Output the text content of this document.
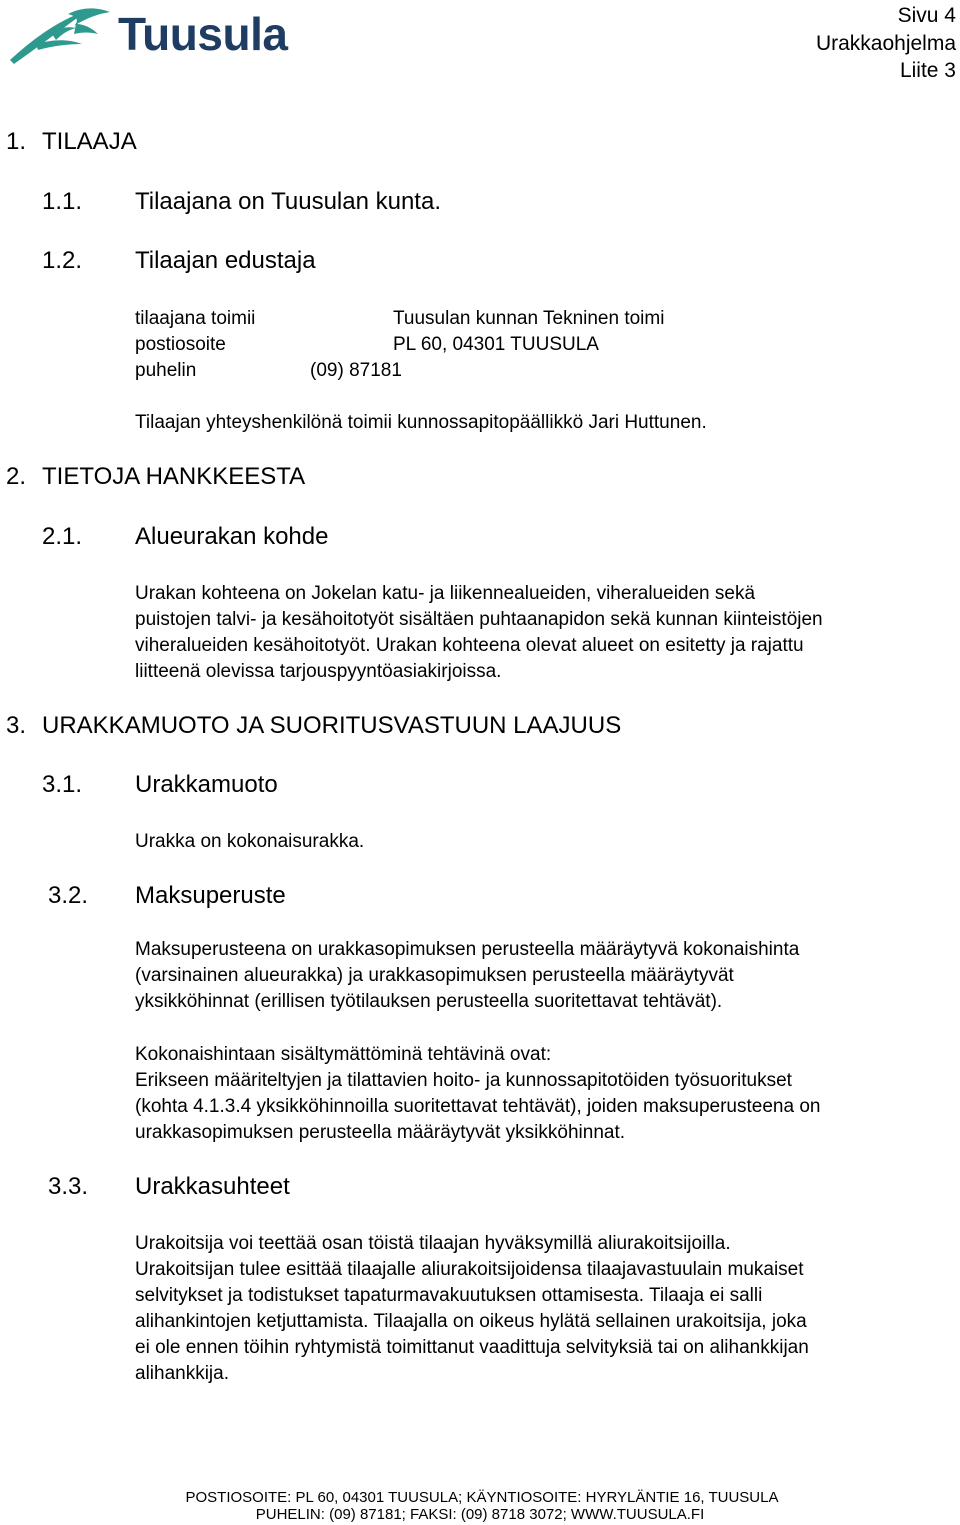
Tuusula	Sivu 4
Urakkaohjelma
Liite 3
1. TILAAJA
1.1. Tilaajana on Tuusulan kunta.
1.2. Tilaajan edustaja
tilaajana toimii	Tuusulan kunnan Tekninen toimi
postiosoite	PL 60, 04301 TUUSULA
puhelin	(09) 87181
Tilaajan yhteyshenkilönä toimii kunnossapitopäällikkö Jari Huttunen.
2. TIETOJA HANKKEESTA
2.1. Alueurakan kohde
Urakan kohteena on Jokelan katu- ja liikennealueiden, viheralueiden sekä
puistojen talvi- ja kesähoitotyöt sisältäen puhtaanapidon sekä kunnan kiinteistöjen
viheralueiden kesähoitotyöt. Urakan kohteena olevat alueet on esitetty ja rajattu
liitteenä olevissa tarjouspyyntöasiakirjoissa.
3. URAKKAMUOTO JA SUORITUSVASTUUN LAAJUUS
3.1. Urakkamuoto
Urakka on kokonaisurakka.
3.2. Maksuperuste
Maksuperusteena on urakkasopimuksen perusteella määräytyvä kokonaishinta
(varsinainen alueurakka) ja urakkasopimuksen perusteella määräytyvät
yksikköhinnat (erillisen työtilauksen perusteella suoritettavat tehtävät).
Kokonaishintaan sisältymättöminä tehtävinä ovat:
Erikseen määriteltyjen ja tilattavien hoito- ja kunnossapitotöiden työsuoritukset
(kohta 4.1.3.4 yksikköhinnoilla suoritettavat tehtävät), joiden maksuperusteena on
urakkasopimuksen perusteella määräytyvät yksikköhinnat.
3.3. Urakkasuhteet
Urakoitsija voi teettää osan töistä tilaajan hyväksymillä aliurakoitsijoilla.
Urakoitsijan tulee esittää tilaajalle aliurakoitsijoidensa tilaajavastuulain mukaiset
selvitykset ja todistukset tapaturmavakuutuksen ottamisesta. Tilaaja ei salli
alihankintojen ketjuttamista. Tilaajalla on oikeus hylätä sellainen urakoitsija, joka
ei ole ennen töihin ryhtymistä toimittanut vaadittuja selvityksiä tai on alihankkijan
alihankkija.
POSTIOSOITE: PL 60, 04301 TUUSULA; KÄYNTIOSOITE: HYRYLÄNTIE 16, TUUSULA
PUHELIN: (09) 87181; FAKSI: (09) 8718 3072; WWW.TUUSULA.FI
